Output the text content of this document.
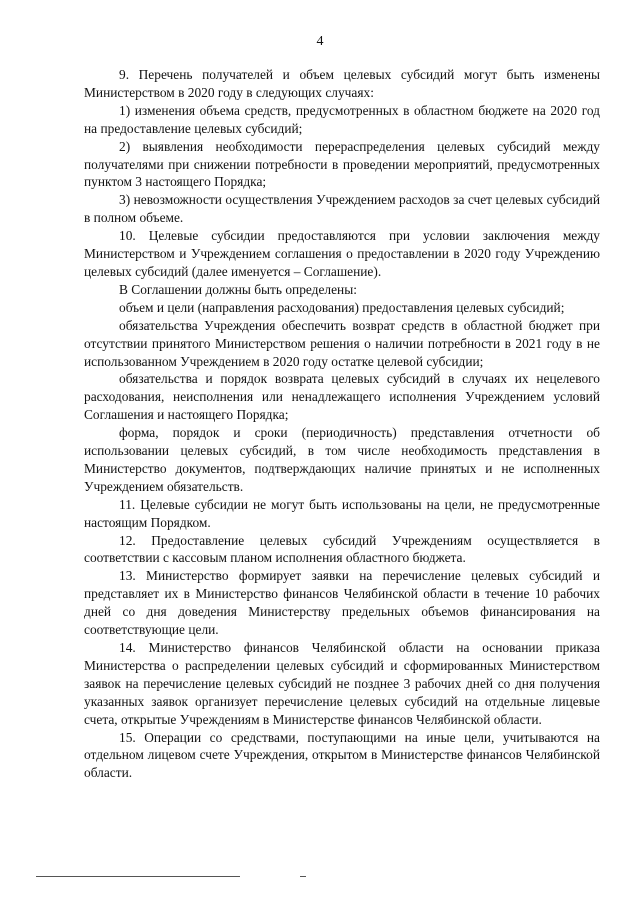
4

9. Перечень получателей и объем целевых субсидий могут быть изменены Министерством в 2020 году в следующих случаях:

1) изменения объема средств, предусмотренных в областном бюджете на 2020 год на предоставление целевых субсидий;

2) выявления необходимости перераспределения целевых субсидий между получателями при снижении потребности в проведении мероприятий, предусмотренных пунктом 3 настоящего Порядка;

3) невозможности осуществления Учреждением расходов за счет целевых субсидий в полном объеме.

10. Целевые субсидии предоставляются при условии заключения между Министерством и Учреждением соглашения о предоставлении в 2020 году Учреждению целевых субсидий (далее именуется – Соглашение).

В Соглашении должны быть определены:

объем и цели (направления расходования) предоставления целевых субсидий;

обязательства Учреждения обеспечить возврат средств в областной бюджет при отсутствии принятого Министерством решения о наличии потребности в 2021 году в не использованном Учреждением в 2020 году остатке целевой субсидии;

обязательства и порядок возврата целевых субсидий в случаях их нецелевого расходования, неисполнения или ненадлежащего исполнения Учреждением условий Соглашения и настоящего Порядка;

форма, порядок и сроки (периодичность) представления отчетности об использовании целевых субсидий, в том числе необходимость представления в Министерство документов, подтверждающих наличие принятых и не исполненных Учреждением обязательств.

11. Целевые субсидии не могут быть использованы на цели, не предусмотренные настоящим Порядком.

12. Предоставление целевых субсидий Учреждениям осуществляется в соответствии с кассовым планом исполнения областного бюджета.

13. Министерство формирует заявки на перечисление целевых субсидий и представляет их в Министерство финансов Челябинской области в течение 10 рабочих дней со дня доведения Министерству предельных объемов финансирования на соответствующие цели.

14. Министерство финансов Челябинской области на основании приказа Министерства о распределении целевых субсидий и сформированных Министерством заявок на перечисление целевых субсидий не позднее 3 рабочих дней со дня получения указанных заявок организует перечисление целевых субсидий на отдельные лицевые счета, открытые Учреждениям в Министерстве финансов Челябинской области.

15. Операции со средствами, поступающими на иные цели, учитываются на отдельном лицевом счете Учреждения, открытом в Министерстве финансов Челябинской области.
